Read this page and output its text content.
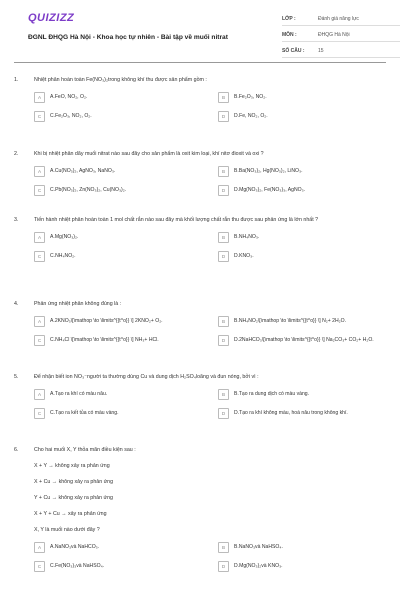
QUIZIZZ
ĐGNL ĐHQG Hà Nội - Khoa học tự nhiên - Bài tập về muối nitrat
LỚP :	Đánh giá năng lực
MÔN :	ĐHQG Hà Nội
SỐ CÂU :	15
1.	Nhiệt phân hoàn toàn Fe(NO₃)₂trong không khí thu được sản phẩm gồm :
A	A.FeO, NO₂, O₂.	B	B.Fe₂O₃, NO₂.
C	C.Fe₂O₃, NO₂, O₂.	D	D.Fe, NO₂, O₂.
2.	Khi bị nhiệt phân dãy muối nitrat nào sau đây cho sản phẩm là oxit kim loại, khí nitơ đioxit và oxi ?
A	A.Cu(NO₃)₂, AgNO₃, NaNO₃.	B	B.Ba(NO₃)₂, Hg(NO₃)₂, LiNO₃.
C	C.Pb(NO₃)₂, Zn(NO₃)₂, Cu(NO₃)₂.	D	D.Mg(NO₃)₂, Fe(NO₃)₃, AgNO₃.
3.	Tiến hành nhiệt phân hoàn toàn 1 mol chất rắn nào sau đây mà khối lượng chất rắn thu được sau phản ứng là lớn nhất ?
A	A.Mg(NO₃)₂.	B	B.NH₄NO₃.
C	C.NH₄NO₂.	D	D.KNO₃.
4.	Phản ứng nhiệt phân không đúng là :
A	A.2KNO₃\[\mathop \to \limits^{{t^o}} \] 2KNO₂+ O₂.	B	B.NH₄NO₂\[\mathop \to \limits^{{t^o}} \] N₂+ 2H₂O.
C	C.NH₄Cl \[\mathop \to \limits^{{t^o}} \] NH₃+ HCl.	D	D.2NaHCO₃\[\mathop \to \limits^{{t^o}} \] Na₂CO₃+ CO₂+ H₂O.
5.	Để nhận biết ion NO₃⁻người ta thường dùng Cu và dung dịch H₂SO₄loãng và đun nóng, bởi vì :
A	A.Tạo ra khí có màu nâu.	B	B.Tạo ra dung dịch có màu vàng.
C	C.Tạo ra kết tủa có màu vàng.	D	D.Tạo ra khí không màu, hoá nâu trong không khí.
6.	Cho hai muối X, Y thỏa mãn điều kiện sau :
X + Y → không xảy ra phản ứng
X + Cu → không xảy ra phản ứng
Y + Cu → không xảy ra phản ứng
X + Y + Cu → xảy ra phản ứng
X, Y là muối nào dưới đây ?
A	A.NaNO₃và NaHCO₃.	B	B.NaNO₃và NaHSO₄.
C	C.Fe(NO₃)₃và NaHSO₄.	D	D.Mg(NO₃)₂và KNO₃.
